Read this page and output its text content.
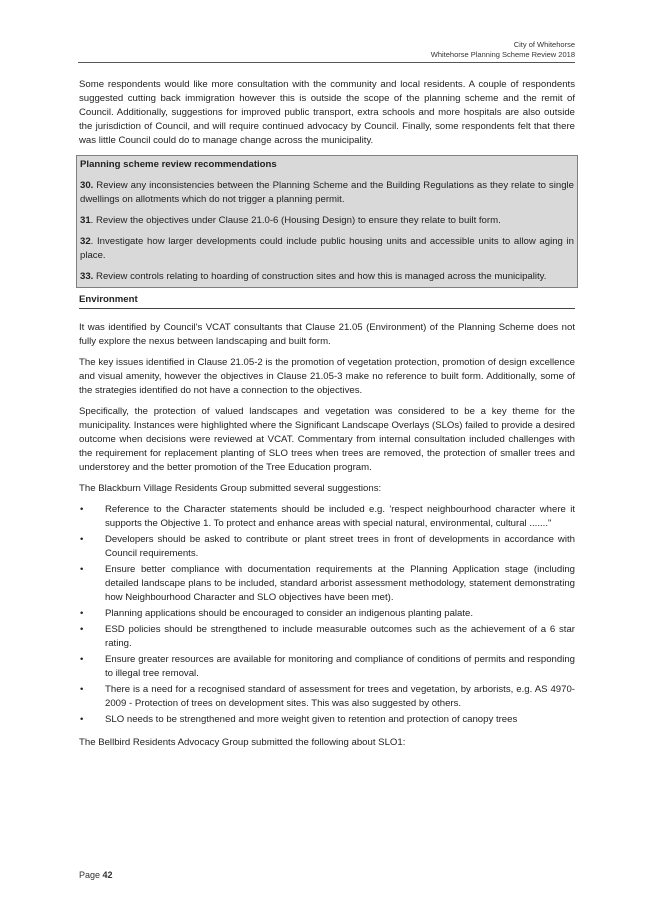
City of Whitehorse
Whitehorse Planning Scheme Review 2018

Some respondents would like more consultation with the community and local residents. A couple of respondents suggested cutting back immigration however this is outside the scope of the planning scheme and the remit of Council. Additionally, suggestions for improved public transport, extra schools and more hospitals are also outside the jurisdiction of Council, and will require continued advocacy by Council. Finally, some respondents felt that there was little Council could do to manage change across the municipality.

Planning scheme review recommendations

30. Review any inconsistencies between the Planning Scheme and the Building Regulations as they relate to single dwellings on allotments which do not trigger a planning permit.

31. Review the objectives under Clause 21.0-6 (Housing Design) to ensure they relate to built form.

32. Investigate how larger developments could include public housing units and accessible units to allow aging in place.

33. Review controls relating to hoarding of construction sites and how this is managed across the municipality.

Environment

It was identified by Council's VCAT consultants that Clause 21.05 (Environment) of the Planning Scheme does not fully explore the nexus between landscaping and built form.

The key issues identified in Clause 21.05-2 is the promotion of vegetation protection, promotion of design excellence and visual amenity, however the objectives in Clause 21.05-3 make no reference to built form. Additionally, some of the strategies identified do not have a connection to the objectives.

Specifically, the protection of valued landscapes and vegetation was considered to be a key theme for the municipality. Instances were highlighted where the Significant Landscape Overlays (SLOs) failed to provide a desired outcome when decisions were reviewed at VCAT. Commentary from internal consultation included challenges with the requirement for replacement planting of SLO trees when trees are removed, the protection of smaller trees and understorey and the better promotion of the Tree Education program.

The Blackburn Village Residents Group submitted several suggestions:

• Reference to the Character statements should be included e.g. 'respect neighbourhood character where it supports the Objective 1. To protect and enhance areas with special natural, environmental, cultural ......."
• Developers should be asked to contribute or plant street trees in front of developments in accordance with Council requirements.
• Ensure better compliance with documentation requirements at the Planning Application stage (including detailed landscape plans to be included, standard arborist assessment methodology, statement demonstrating how Neighbourhood Character and SLO objectives have been met).
• Planning applications should be encouraged to consider an indigenous planting palate.
• ESD policies should be strengthened to include measurable outcomes such as the achievement of a 6 star rating.
• Ensure greater resources are available for monitoring and compliance of conditions of permits and responding to illegal tree removal.
• There is a need for a recognised standard of assessment for trees and vegetation, by arborists, e.g. AS 4970-2009 - Protection of trees on development sites. This was also suggested by others.
• SLO needs to be strengthened and more weight given to retention and protection of canopy trees

The Bellbird Residents Advocacy Group submitted the following about SLO1:

Page 42
